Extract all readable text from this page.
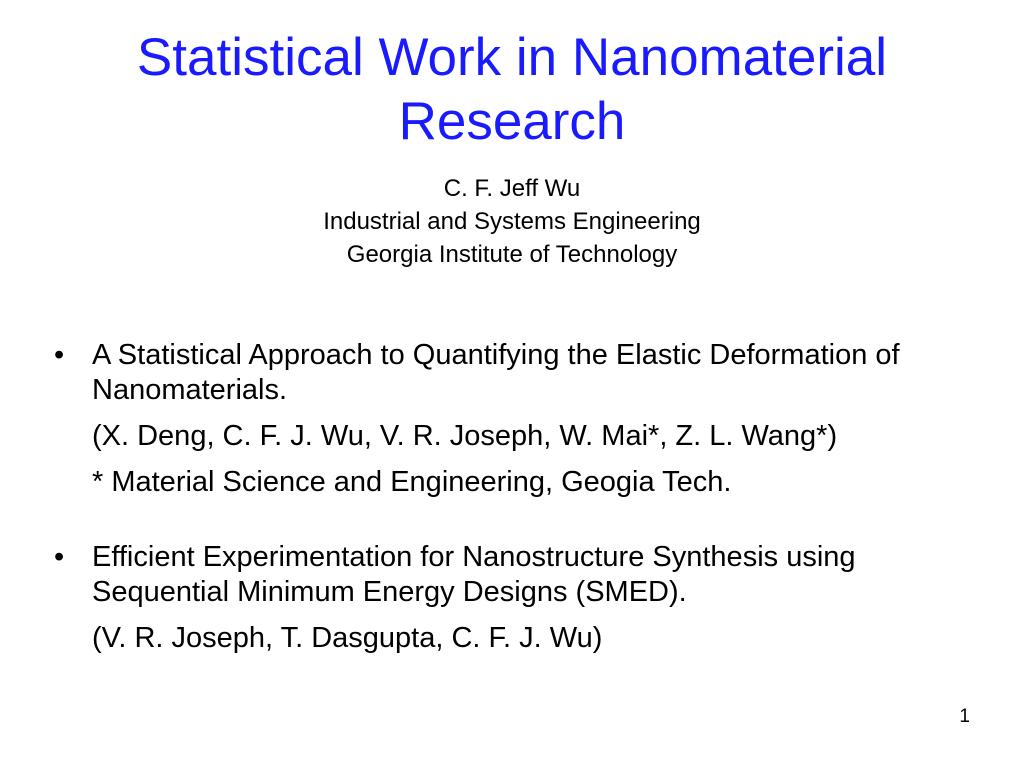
Statistical Work in Nanomaterial
Research
C. F. Jeff Wu
Industrial and Systems Engineering
Georgia Institute of Technology
• A Statistical Approach to Quantifying the Elastic Deformation of Nanomaterials.
(X. Deng, C. F. J. Wu, V. R. Joseph, W. Mai*, Z. L. Wang*)
* Material Science and Engineering, Geogia Tech.
• Efficient Experimentation for Nanostructure Synthesis using Sequential Minimum Energy Designs (SMED).
(V. R. Joseph, T. Dasgupta, C. F. J. Wu)
1
